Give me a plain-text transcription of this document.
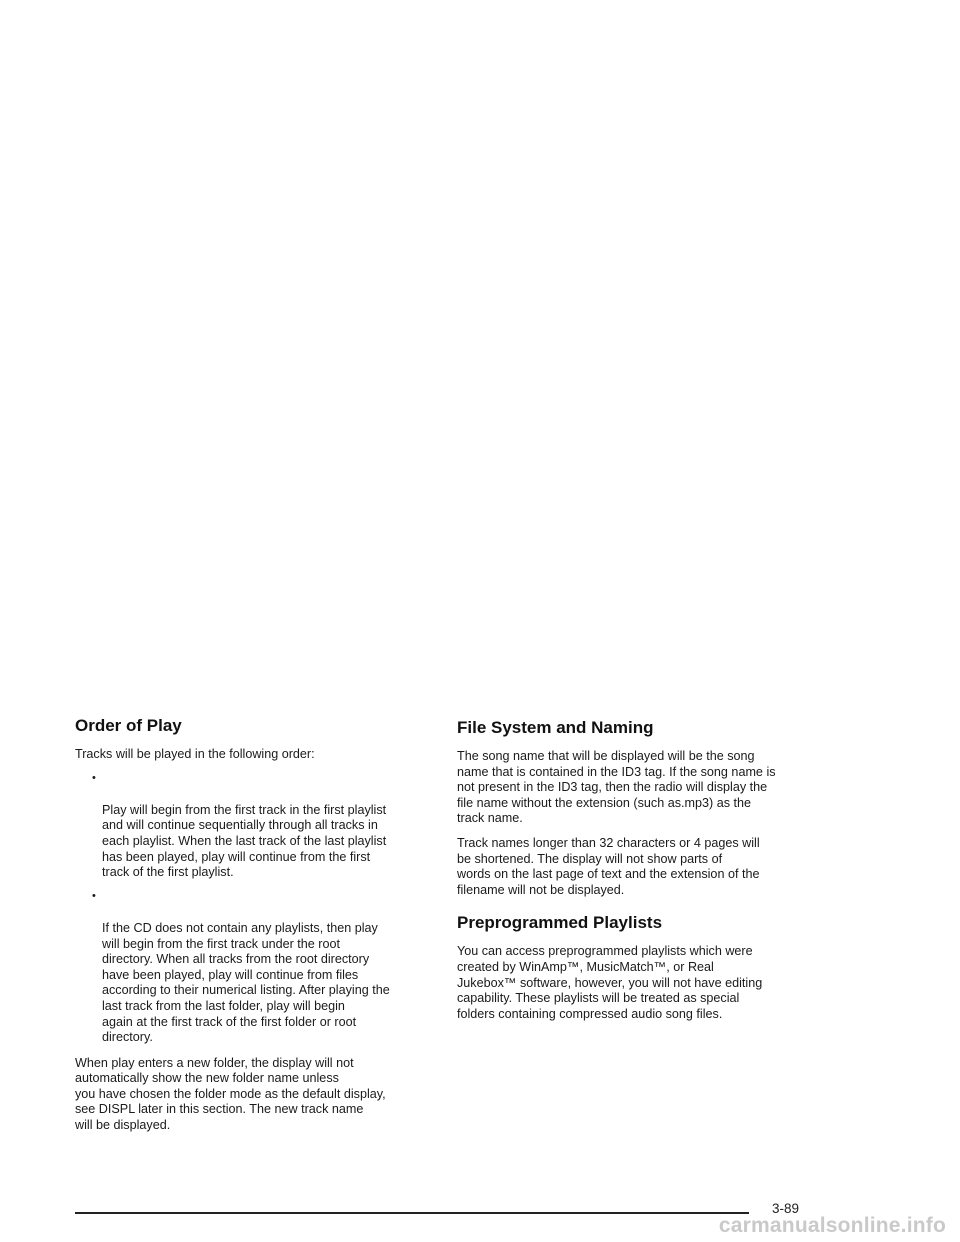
Order of Play

Tracks will be played in the following order:

•

Play will begin from the first track in the first playlist
and will continue sequentially through all tracks in
each playlist. When the last track of the last playlist
has been played, play will continue from the first
track of the first playlist.

•

If the CD does not contain any playlists, then play
will begin from the first track under the root
directory. When all tracks from the root directory
have been played, play will continue from files
according to their numerical listing. After playing the
last track from the last folder, play will begin
again at the first track of the first folder or root
directory.

When play enters a new folder, the display will not
automatically show the new folder name unless
you have chosen the folder mode as the default display,
see DISPL later in this section. The new track name
will be displayed.

File System and Naming

The song name that will be displayed will be the song
name that is contained in the ID3 tag. If the song name is
not present in the ID3 tag, then the radio will display the
file name without the extension (such as.mp3) as the
track name.

Track names longer than 32 characters or 4 pages will
be shortened. The display will not show parts of
words on the last page of text and the extension of the
filename will not be displayed.

Preprogrammed Playlists

You can access preprogrammed playlists which were
created by WinAmp™, MusicMatch™, or Real
Jukebox™ software, however, you will not have editing
capability. These playlists will be treated as special
folders containing compressed audio song files.

3-89
carmanualsonline.info
